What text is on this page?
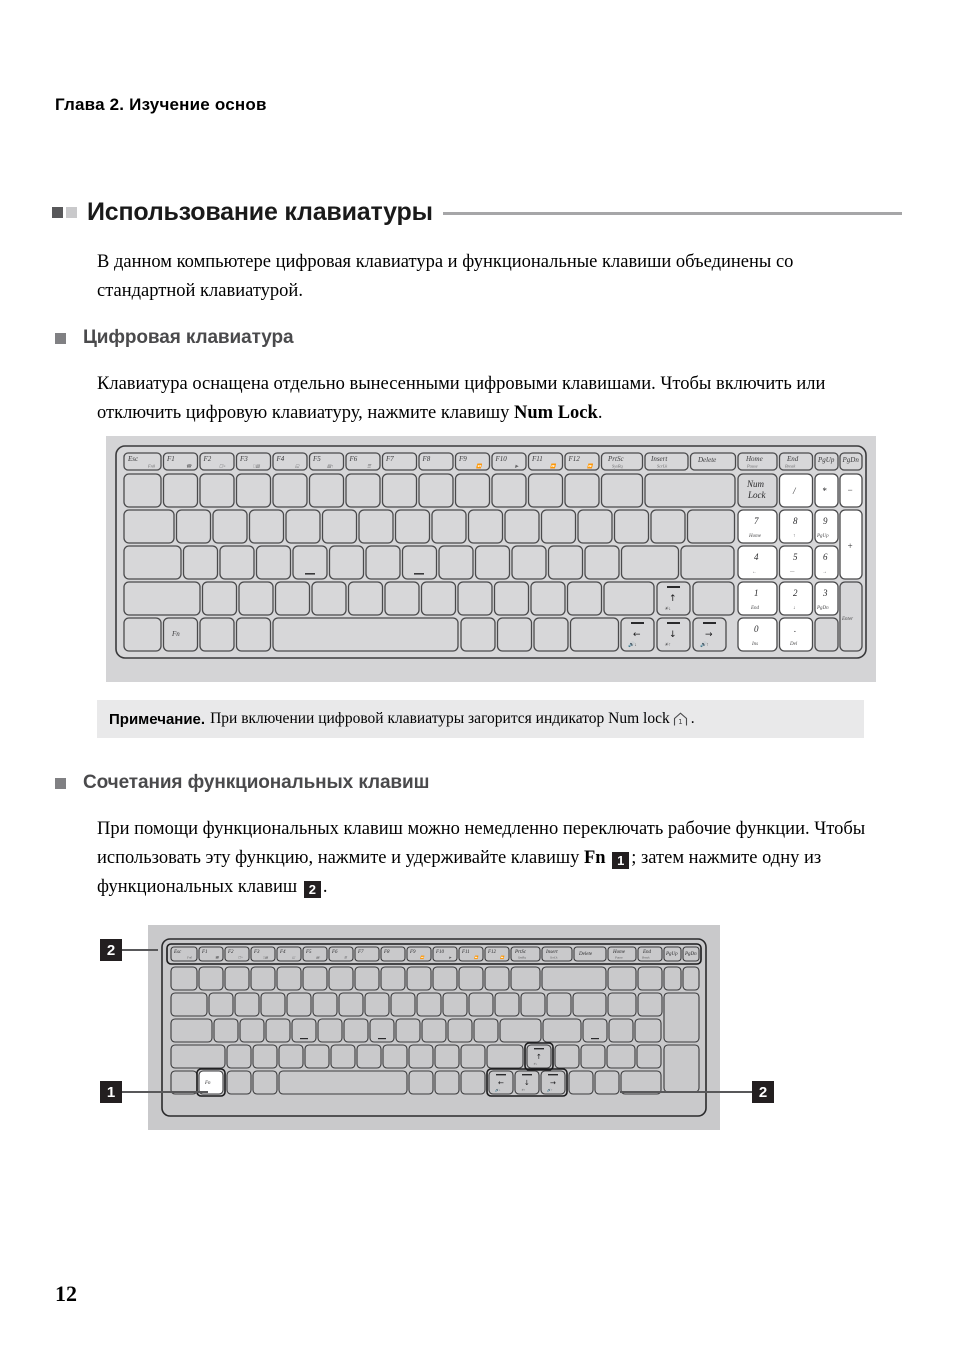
Глава 2. Изучение основ
Использование клавиатуры
В данном компьютере цифровая клавиатура и функциональные клавиши объединены со стандартной клавиатурой.
Цифровая клавиатура
Клавиатура оснащена отдельно вынесенными цифровыми клавишами. Чтобы включить или отключить цифровую клавиатуру, нажмите клавишу Num Lock.
Esc
Fn0
F1
☎
F2
☐×
F3
□▤
F4
◱
F5
▤↑
F6
☰
F7	F8	F9
⏪
F10
▶
F11
⏩
F12
⏩
PrtSc
SysRq
Insert
ScrLk
Delete	Home
Pause
End
Break
PgUp PgDn
Num
Lock	/	* −
7
Home
8
↑
9
PgUp
+
4
←
5
—
6
→
↑
☀↓
1
End
2
↓
3
PgDn
Enter
Fn	←
🔊↓
↓
☀↑
→
🔊↑
0
Ins
.
Del
Примечание. При включении цифровой клавиатуры загорится индикатор Num lock 1 .
Сочетания функциональных клавиш
При помощи функциональных клавиш можно немедленно переключать рабочие функции. Чтобы использовать эту функцию, нажмите и удерживайте клавишу Fn 1 ; затем нажмите одну из функциональных клавиш 2 .
Esc
Fn0
F1
☎
F2
☐×
F3
□▤
F4
◱
F5
▤↑
F6
☰
F7	F8	F9
⏪
F10
▶
F11
⏩
F12
⏩
PrtSc
SysRq
Insert
ScrLk
Delete	Home
Pause
End
Break
PgUp PgDn
↑
☀↓
Fn	←
🔊↓
↓
☀↑
→
🔊↑
2
1	2
12
